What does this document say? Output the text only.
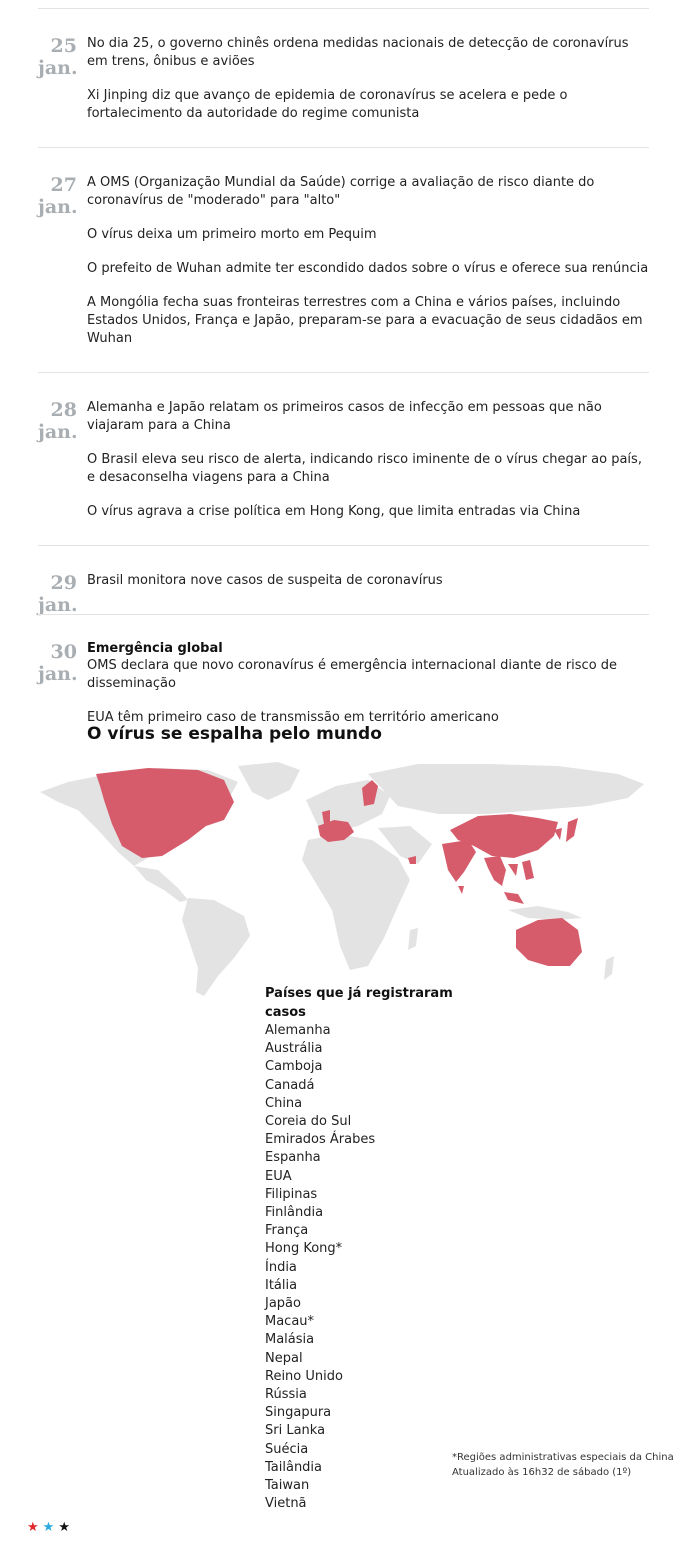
25
jan.

No dia 25, o governo chinês ordena medidas nacionais de detecção de coronavírus em trens, ônibus e aviões

Xi Jinping diz que avanço de epidemia de coronavírus se acelera e pede o fortalecimento da autoridade do regime comunista

27
jan.

A OMS (Organização Mundial da Saúde) corrige a avaliação de risco diante do coronavírus de "moderado" para "alto"

O vírus deixa um primeiro morto em Pequim

O prefeito de Wuhan admite ter escondido dados sobre o vírus e oferece sua renúncia

A Mongólia fecha suas fronteiras terrestres com a China e vários países, incluindo Estados Unidos, França e Japão, preparam-se para a evacuação de seus cidadãos em Wuhan

28
jan.

Alemanha e Japão relatam os primeiros casos de infecção em pessoas que não viajaram para a China

O Brasil eleva seu risco de alerta, indicando risco iminente de o vírus chegar ao país, e desaconselha viagens para a China

O vírus agrava a crise política em Hong Kong, que limita entradas via China

29
jan.

Brasil monitora nove casos de suspeita de coronavírus

30
jan.
Emergência global

OMS declara que novo coronavírus é emergência internacional diante de risco de disseminação

EUA têm primeiro caso de transmissão em território americano

O vírus se espalha pelo mundo
Países que já registraram casos
Alemanha
Austrália
Camboja
Canadá
China
Coreia do Sul
Emirados Árabes
Espanha
EUA
Filipinas
Finlândia
França
Hong Kong*
Índia
Itália
Japão
Macau*
Malásia
Nepal
Reino Unido
Rússia
Singapura
Sri Lanka
Suécia
Tailândia
Taiwan
Vietnã
*Regiões administrativas especiais da China
Atualizado às 16h32 de sábado (1º)
★★★
